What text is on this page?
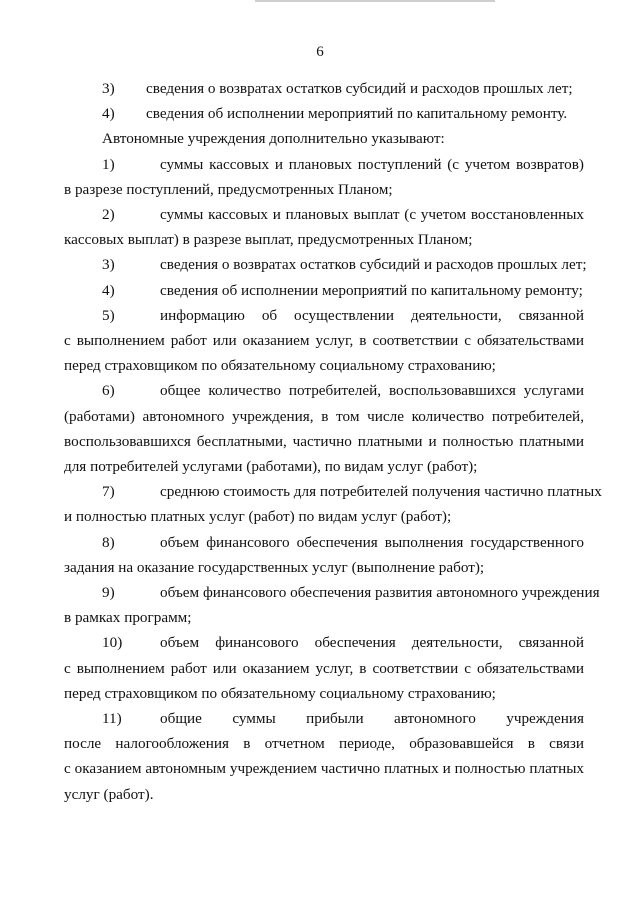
6
3) сведения о возвратах остатков субсидий и расходов прошлых лет;
4) сведения об исполнении мероприятий по капитальному ремонту.
Автономные учреждения дополнительно указывают:
1)	суммы кассовых и плановых поступлений (с учетом возвратов)
в разрезе поступлений, предусмотренных Планом;
2)	суммы кассовых и плановых выплат (с учетом восстановленных
кассовых выплат) в разрезе выплат, предусмотренных Планом;
3)	сведения о возвратах остатков субсидий и расходов прошлых лет;
4)	сведения об исполнении мероприятий по капитальному ремонту;
5)	информацию об осуществлении деятельности, связанной
с выполнением работ или оказанием услуг, в соответствии с обязательствами
перед страховщиком по обязательному социальному страхованию;
6)	общее количество потребителей, воспользовавшихся услугами
(работами) автономного учреждения, в том числе количество потребителей,
воспользовавшихся бесплатными, частично платными и полностью платными
для потребителей услугами (работами), по видам услуг (работ);
7)	среднюю стоимость для потребителей получения частично платных
и полностью платных услуг (работ) по видам услуг (работ);
8)	объем финансового обеспечения выполнения государственного
задания на оказание государственных услуг (выполнение работ);
9)	объем финансового обеспечения развития автономного учреждения
в рамках программ;
10)	объем финансового обеспечения деятельности, связанной
с выполнением работ или оказанием услуг, в соответствии с обязательствами
перед страховщиком по обязательному социальному страхованию;
11)	общие суммы прибыли автономного учреждения
после налогообложения в отчетном периоде, образовавшейся в связи
с оказанием автономным учреждением частично платных и полностью платных
услуг (работ).
